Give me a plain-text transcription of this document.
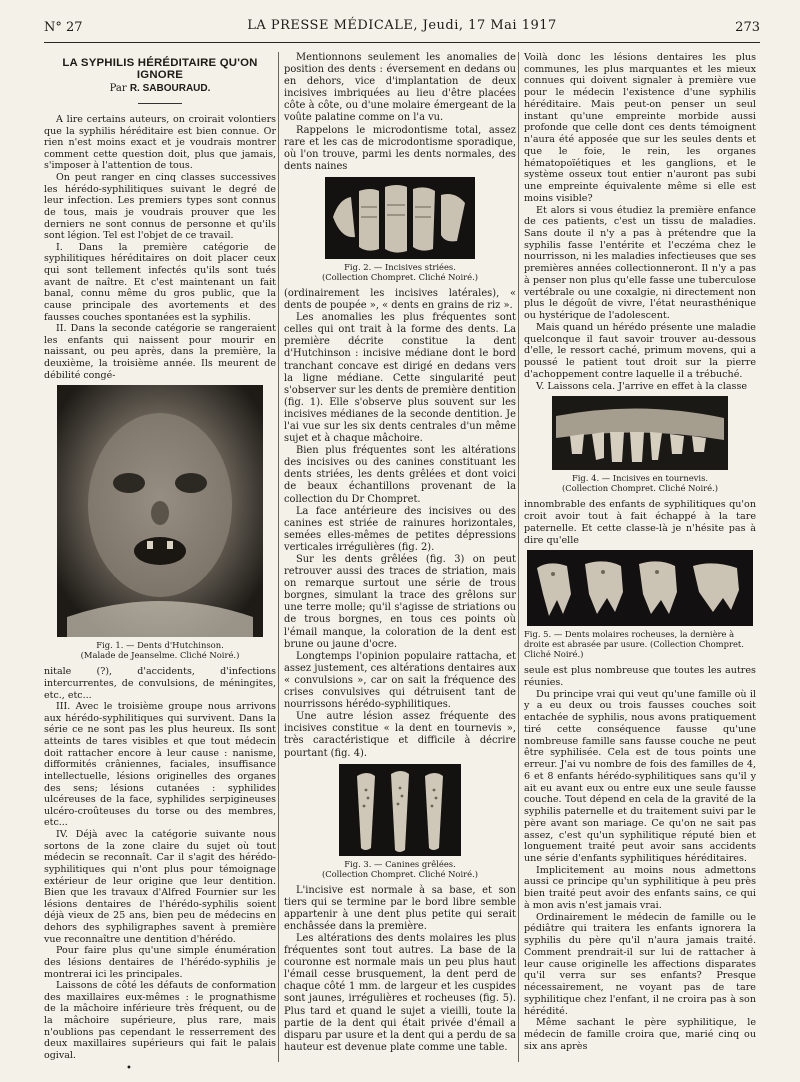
N° 27	LA PRESSE MÉDICALE, Jeudi, 17 Mai 1917	273
LA SYPHILIS HÉRÉDITAIRE QU'ON IGNORE
Par R. SABOURAUD.

A lire certains auteurs, on croirait volontiers que la syphilis héréditaire est bien connue. Or rien n'est moins exact et je voudrais montrer comment cette question doit, plus que jamais, s'imposer à l'attention de tous.

On peut ranger en cinq classes successives les hérédo-syphilitiques suivant le degré de leur infection. Les premiers types sont connus de tous, mais je voudrais prouver que les derniers ne sont connus de personne et qu'ils sont légion. Tel est l'objet de ce travail.

I. Dans la première catégorie de syphilitiques héréditaires on doit placer ceux qui sont tellement infectés qu'ils sont tués avant de naître. Et c'est maintenant un fait banal, connu même du gros public, que la cause principale des avortements et des fausses couches spontanées est la syphilis.

II. Dans la seconde catégorie se rangeraient les enfants qui naissent pour mourir en naissant, ou peu après, dans la première, la deuxième, la troisième année. Ils meurent de débilité congé-

Fig. 1. — Dents d'Hutchinson.
(Malade de Jeanselme. Cliché Noiré.)

nitale (?), d'accidents, d'infections intercurrentes, de convulsions, de méningites, etc., etc...

III. Avec le troisième groupe nous arrivons aux hérédo-syphilitiques qui survivent. Dans la série ce ne sont pas les plus heureux. Ils sont atteints de tares visibles et que tout médecin doit rattacher encore à leur cause : nanisme, difformités crâniennes, faciales, insuffisance intellectuelle, lésions originelles des organes des sens; lésions cutanées : syphilides ulcéreuses de la face, syphilides serpigineuses ulcéro-croûteuses du torse ou des membres, etc...

IV. Déjà avec la catégorie suivante nous sortons de la zone claire du sujet où tout médecin se reconnaît. Car il s'agit des hérédo-syphilitiques qui n'ont plus pour témoignage extérieur de leur origine que leur dentition. Bien que les travaux d'Alfred Fournier sur les lésions dentaires de l'hérédo-syphilis soient déjà vieux de 25 ans, bien peu de médecins en dehors des syphiligraphes savent à première vue reconnaître une dentition d'hérédo.

Pour faire plus qu'une simple énumération des lésions dentaires de l'hérédo-syphilis je montrerai ici les principales.

Laissons de côté les défauts de conformation des maxillaires eux-mêmes : le prognathisme de la mâchoire inférieure très fréquent, ou de la mâchoire supérieure, plus rare, mais n'oublions pas cependant le resserrement des deux maxillaires supérieurs qui fait le palais ogival.

Mentionnons seulement les anomalies de position des dents : éversement en dedans ou en dehors, vice d'implantation de deux incisives imbriquées au lieu d'être placées côte à côte, ou d'une molaire émergeant de la voûte palatine comme on l'a vu.

Rappelons le microdontisme total, assez rare et les cas de microdontisme sporadique, où l'on trouve, parmi les dents normales, des dents naines

Fig. 2. — Incisives striées.
(Collection Chompret. Cliché Noiré.)

(ordinairement les incisives latérales), « dents de poupée », « dents en grains de riz ».

Les anomalies les plus fréquentes sont celles qui ont trait à la forme des dents. La première décrite constitue la dent d'Hutchinson : incisive médiane dont le bord tranchant concave est dirigé en dedans vers la ligne médiane. Cette singularité peut s'observer sur les dents de première dentition (fig. 1). Elle s'observe plus souvent sur les incisives médianes de la seconde dentition. Je l'ai vue sur les six dents centrales d'un même sujet et à chaque mâchoire.

Bien plus fréquentes sont les altérations des incisives ou des canines constituant les dents striées, les dents grêlées et dont voici de beaux échantillons provenant de la collection du Dr Chompret.

La face antérieure des incisives ou des canines est striée de rainures horizontales, semées elles-mêmes de petites dépressions verticales irrégulières (fig. 2).

Sur les dents grêlées (fig. 3) on peut retrouver aussi des traces de striation, mais on remarque surtout une série de trous borgnes, simulant la trace des grêlons sur une terre molle; qu'il s'agisse de striations ou de trous borgnes, en tous ces points où l'émail manque, la coloration de la dent est brune ou jaune d'ocre.

Longtemps l'opinion populaire rattacha, et assez justement, ces altérations dentaires aux « convulsions », car on sait la fréquence des crises convulsives qui détruisent tant de nourrissons hérédo-syphilitiques.

Une autre lésion assez fréquente des incisives constitue « la dent en tournevis », très caractéristique et difficile à décrire pourtant (fig. 4).

Fig. 3. — Canines grêlées.
(Collection Chompret. Cliché Noiré.)

L'incisive est normale à sa base, et son tiers qui se termine par le bord libre semble appartenir à une dent plus petite qui serait enchâssée dans la première.

Les altérations des dents molaires les plus fréquentes sont tout autres. La base de la couronne est normale mais un peu plus haut l'émail cesse brusquement, la dent perd de chaque côté 1 mm. de largeur et les cuspides sont jaunes, irrégulières et rocheuses (fig. 5). Plus tard et quand le sujet a vieilli, toute la partie de la dent qui était privée d'émail a disparu par usure et la dent qui a perdu de sa hauteur est devenue plate comme une table.

Voilà donc les lésions dentaires les plus communes, les plus marquantes et les mieux connues qui doivent signaler à première vue pour le médecin l'existence d'une syphilis héréditaire. Mais peut-on penser un seul instant qu'une empreinte morbide aussi profonde que celle dont ces dents témoignent n'aura été apposée que sur les seules dents et que le foie, le rein, les organes hématopoïétiques et les ganglions, et le système osseux tout entier n'auront pas subi une empreinte équivalente même si elle est moins visible?

Et alors si vous étudiez la première enfance de ces patients, c'est un tissu de maladies. Sans doute il n'y a pas à prétendre que la syphilis fasse l'entérite et l'eczéma chez le nourrisson, ni les maladies infectieuses que ses premières années collectionneront. Il n'y a pas à penser non plus qu'elle fasse une tuberculose vertébrale ou une coxalgie, ni directement non plus le dégoût de vivre, l'état neurasthénique ou hystérique de l'adolescent.

Mais quand un hérédo présente une maladie quelconque il faut savoir trouver au-dessous d'elle, le ressort caché, primum movens, qui a poussé le patient tout droit sur la pierre d'achoppement contre laquelle il a trébuché.

V. Laissons cela. J'arrive en effet à la classe

Fig. 4. — Incisives en tournevis.
(Collection Chompret. Cliché Noiré.)

innombrable des enfants de syphilitiques qu'on croit avoir tout à fait échappé à la tare paternelle. Et cette classe-là je n'hésite pas à dire qu'elle

Fig. 5. — Dents molaires rocheuses, la dernière à droite est abrasée par usure. (Collection Chompret. Cliché Noiré.)

seule est plus nombreuse que toutes les autres réunies.

Du principe vrai qui veut qu'une famille où il y a eu deux ou trois fausses couches soit entachée de syphilis, nous avons pratiquement tiré cette conséquence fausse qu'une nombreuse famille sans fausse couche ne peut être syphilisée. Cela est de tous points une erreur. J'ai vu nombre de fois des familles de 4, 6 et 8 enfants hérédo-syphilitiques sans qu'il y ait eu avant eux ou entre eux une seule fausse couche. Tout dépend en cela de la gravité de la syphilis paternelle et du traitement suivi par le père avant son mariage. Ce qu'on ne sait pas assez, c'est qu'un syphilitique réputé bien et longuement traité peut avoir sans accidents une série d'enfants syphilitiques héréditaires.

Implicitement au moins nous admettons aussi ce principe qu'un syphilitique à peu près bien traité peut avoir des enfants sains, ce qui à mon avis n'est jamais vrai.

Ordinairement le médecin de famille ou le pédiâtre qui traitera les enfants ignorera la syphilis du père qu'il n'aura jamais traité. Comment prendrait-il sur lui de rattacher à leur cause originelle les affections disparates qu'il verra sur ses enfants? Presque nécessairement, ne voyant pas de tare syphilitique chez l'enfant, il ne croira pas à son hérédité.

Même sachant le père syphilitique, le médecin de famille croira que, marié cinq ou six ans après

•
